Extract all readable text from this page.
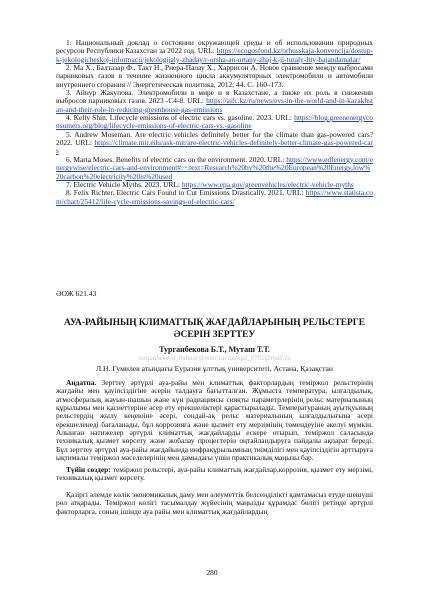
1. Национальный доклад о состоянии окружающей среды и об использовании природных ресурсов Республики Казахстан за 2022 год. URL: https://ecogosfond.kz/orhusskaja-konvencija/dostup-k-jekologicheskoj-informacii/jekologijaly-zhaday/r-orsha-an-ortany-zhaj-k-ji-turaly-ltty-bajandamalar/

2. Ма Х., Балтазар Ф., Такт Н., Риера-Палау Х., Харрисон А. Новое сравнение между выбросами парниковых газов в течение жизненного цикла аккумуляторных электромобили и автомобили внутреннего сгорания // Энергетическая политика, 2012; 44. С. 160–173.

3. Айнур Жакупова. Электромобили в мире и в Казахстане, а также их роль в снижении выбросов парниковых газов. 2023 -С4-8. URL: https://aifc.kz/ru/news/evs-in-the-world-and-in-kazakhstan-and-their-role-in-reducing-greenhouse-gas-emissions

4. Kelly Shin. Lifecycle emissions of electric cars vs. gasoline. 2023. URL: https://blog.greenenergyconsumers.org/blog/lifecycle-emissions-of-electric-cars-vs.-gasoline

5. Andrew Moseman. Are electric vehicles definitely better for the climate than gas-powered cars? 2022. URL: https://climate.mit.edu/ask-mit/are-electric-vehicles-definitely-better-climate-gas-powered-cars

6. Marta Moses. Benefits of electric cars on the environment. 2020. URL: https://www.edfenergy.com/energywise/electric-cars-and-environment#:~:text=Research%20by%20the%20European%20Energy,low%20carbon%20electricity%20is%20used

7. Electric Vehicle Myths. 2023. URL: https://www.epa.gov/greenvehicles/electric-vehicle-myths

8. Felix Richter. Electric Cars Found to Cut Emissions Drastically. 2021. URL: https://www.statista.com/chart/25412/life-cycle-emissions-savings-of-electric-cars/

ӘОЖ 621.43

АУА-РАЙЫНЫҢ КЛИМАТТЫҚ ЖАҒДАЙЛАРЫНЫҢ РЕЛЬСТЕРГЕ ӘСЕРІН ЗЕРТТЕУ

Турганбекова Б.Т., Муташ Т.Т.
turganbekova_bahuar@mail.ru, tattigul_0702@mail.ru
Л.Н. Гумилев атындағы Еуразия ұлттық университеті, Астана, Қазақстан

Аңдатпа. Зерттеу әртүрлі ауа-райы мен климаттық факторлардың теміржол рельстерінің жағдайы мен қауіпсіздігіне әсерін талдауға бағытталған. Жұмыста температура, ылғалдылық, атмосфералық жауын-шашын және күн радиациясы сияқты параметрлерінің рельс материалының құрылымы мен қасиеттеріне әсер ету ерекшеліктері қарастырылады. Температураның ауытқуының рельстердің жылу кеңеюіне әсері, сондай-ақ рельс материалының ылғалдылығына әсері ерекшеленеді бағаланады, бұл коррозияға және қызмет ету мерзімінің төмендеуіне әкелуі мүмкін. Алынған нәтижелер әртүрлі климаттық жағдайларды ескере отырып, теміржол саласында техникалық қызмет көрсету және жобалау процестерін оңтайландыруға пайдалы ақпарат береді. Бұл зерттеу әртүрлі ауа-райы жағдайында инфрақұрылымның тиімділігі мен қауіпсіздігін арттыруға ықтималы теміржол мәселелерінің мен дамыдағы үшін практикалық маңызы бар.

Түйін сөздер: теміржол рельстері, ауа-райы климаттық жағдайлар,коррозия, қызмет ету мерзімі, техникалық қызмет көрсету.

Қазіргі әлемде көлік экономикалық даму мен әлеуметтік белсенділікті қамтамасыз етуде шешуші рөл атқарады. Теміржол көлігі тасымалдау жүйесінің маңызды құрамдас бөлігі ретінде әртүрлі факторларға, соның ішінде ауа райы мен климаттық жағдайлардың

280
